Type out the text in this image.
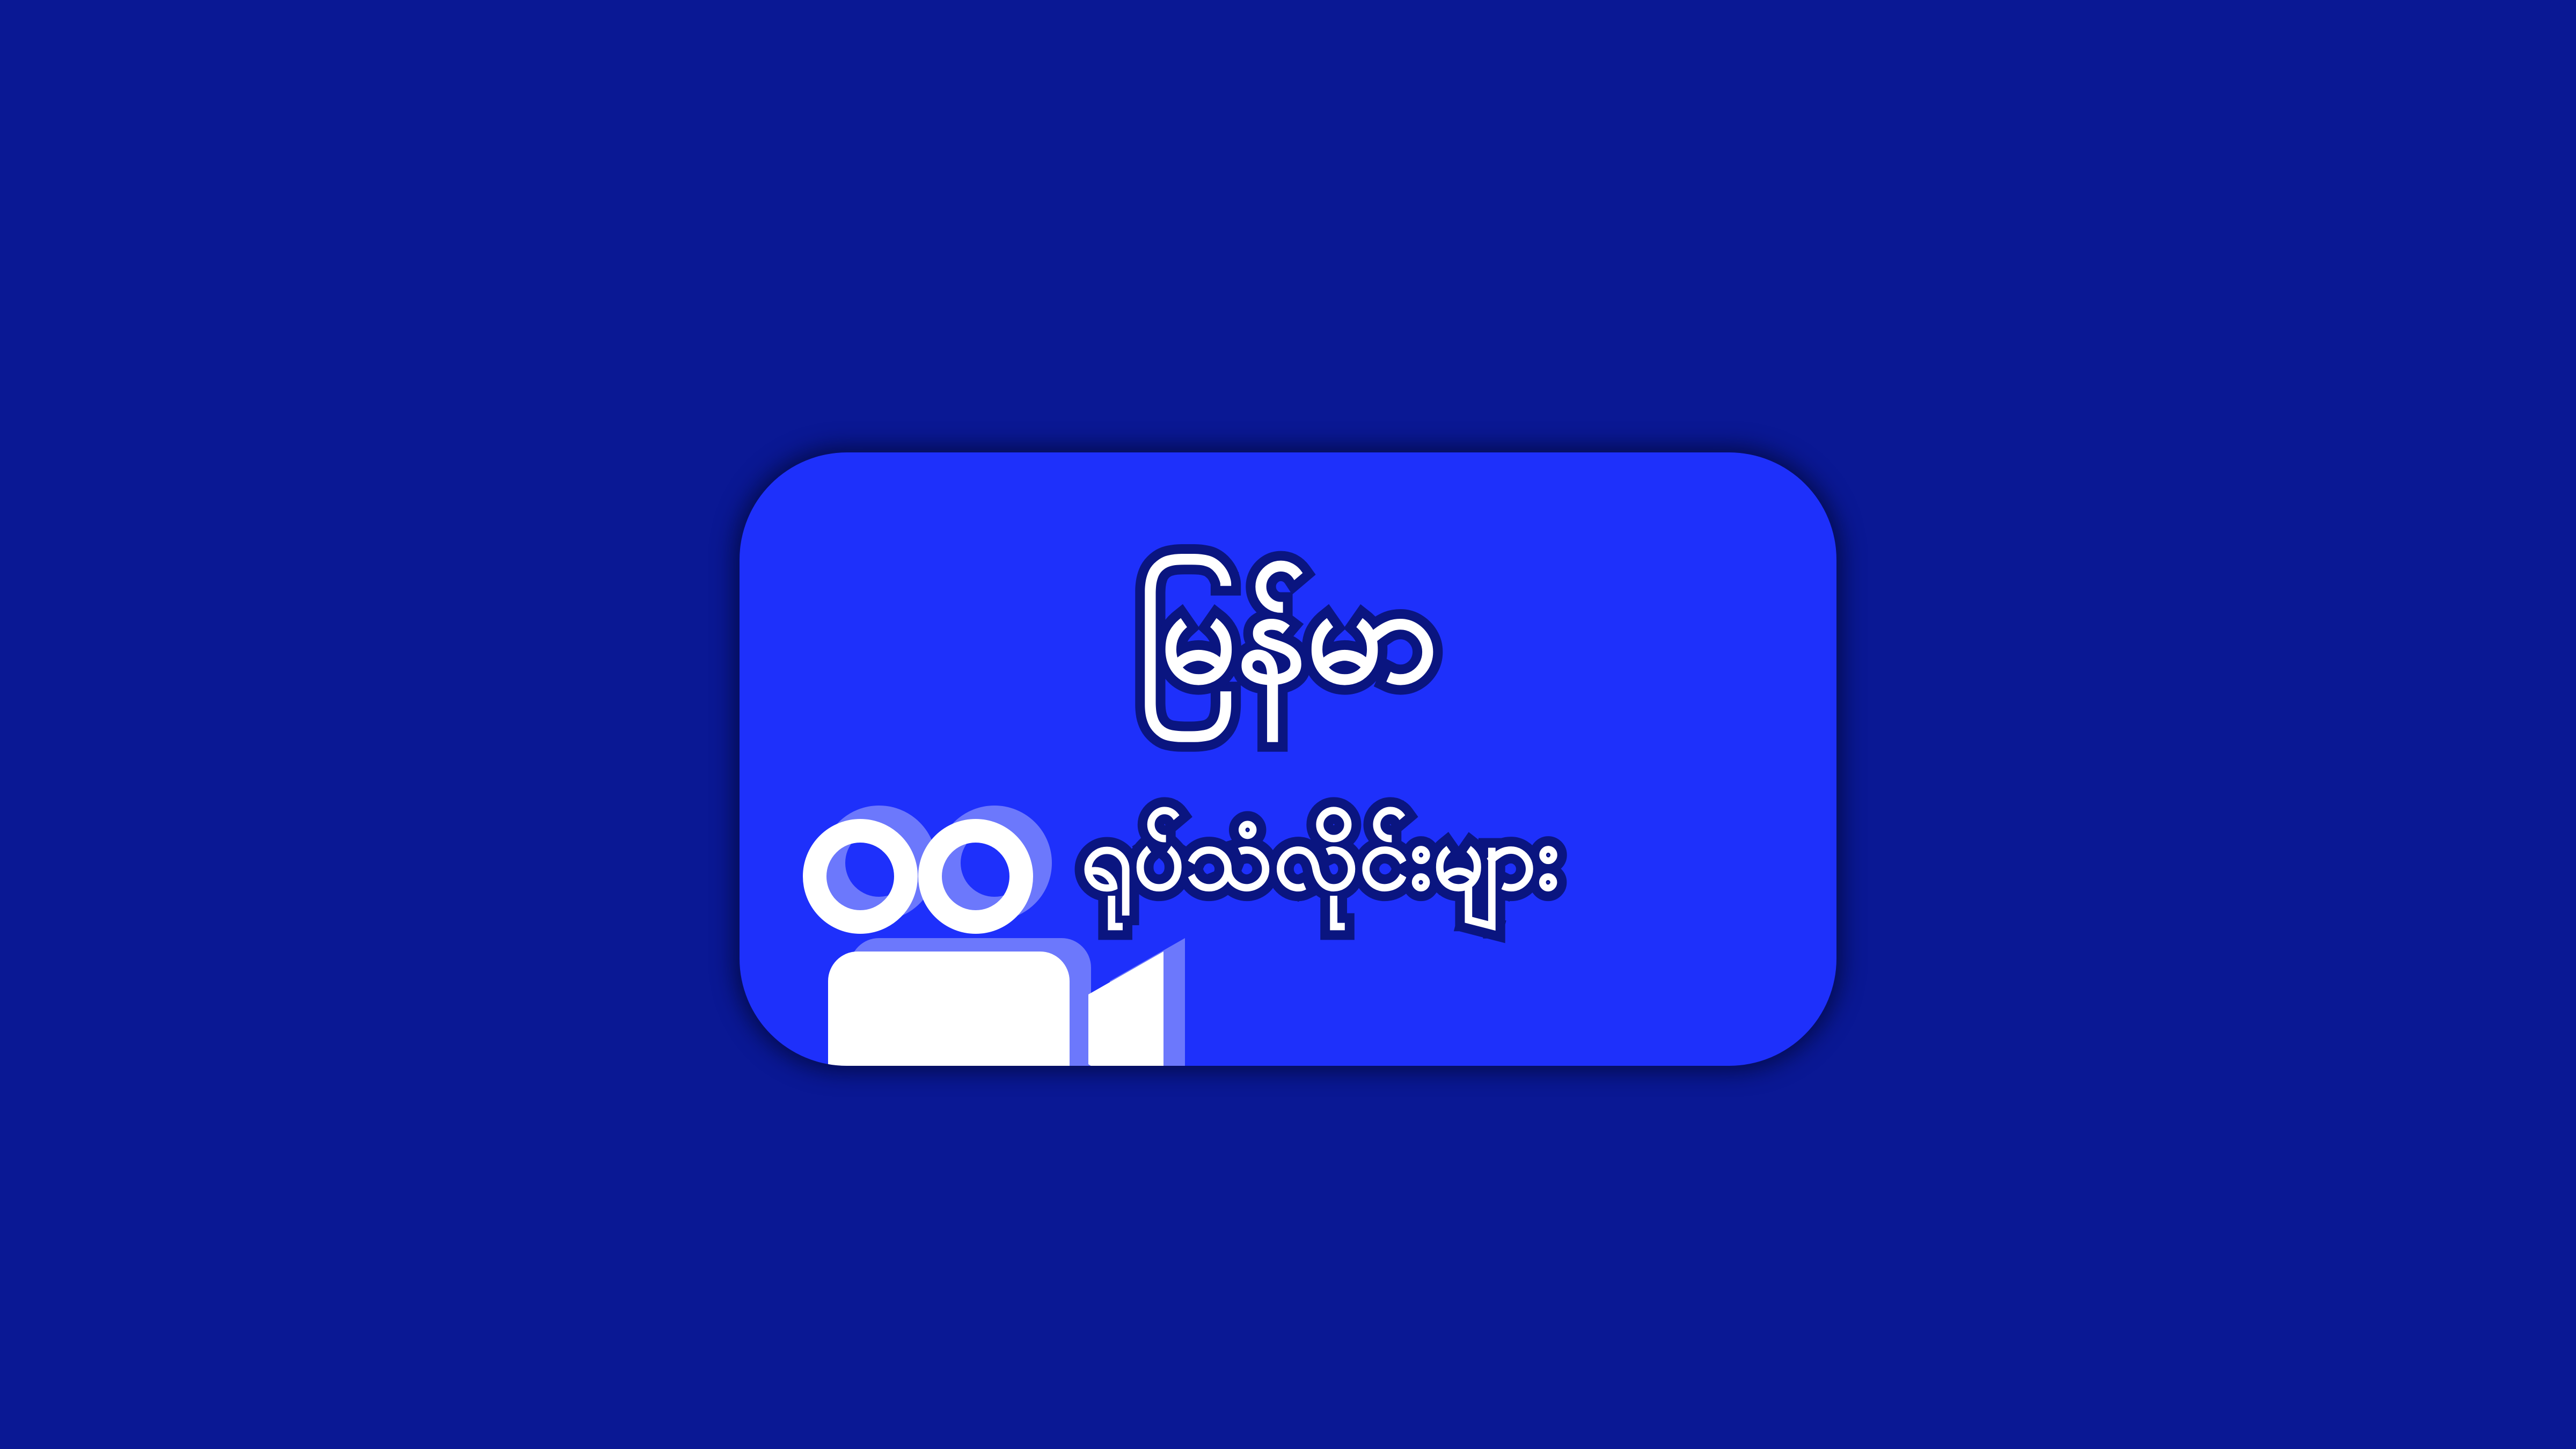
မြန်မာ
ရုပ်သံလိုင်းများ
